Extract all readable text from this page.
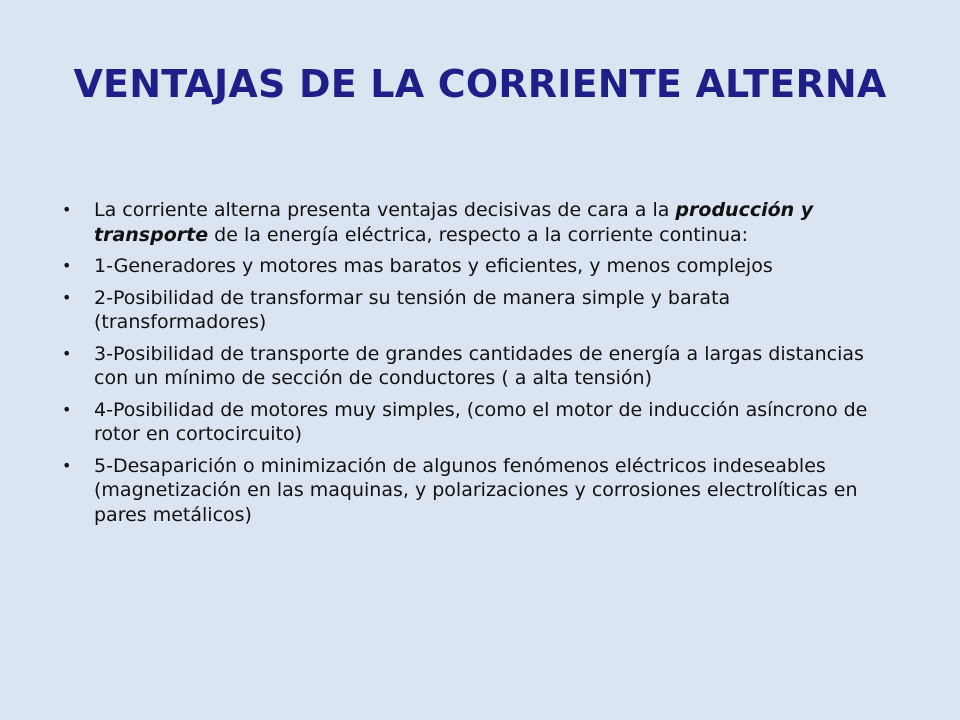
VENTAJAS DE LA CORRIENTE ALTERNA
• La corriente alterna presenta ventajas decisivas de cara a la producción y transporte de la energía eléctrica, respecto a la corriente continua:
• 1-Generadores y motores mas baratos y eficientes, y menos complejos
• 2-Posibilidad de transformar su tensión de manera simple y barata (transformadores)
• 3-Posibilidad de transporte de grandes cantidades de energía a largas distancias con un mínimo de sección de conductores ( a alta tensión)
• 4-Posibilidad de motores muy simples, (como el motor de inducción asíncrono de rotor en cortocircuito)
• 5-Desaparición o minimización de algunos fenómenos eléctricos indeseables (magnetización en las maquinas, y polarizaciones y corrosiones electrolíticas en pares metálicos)
